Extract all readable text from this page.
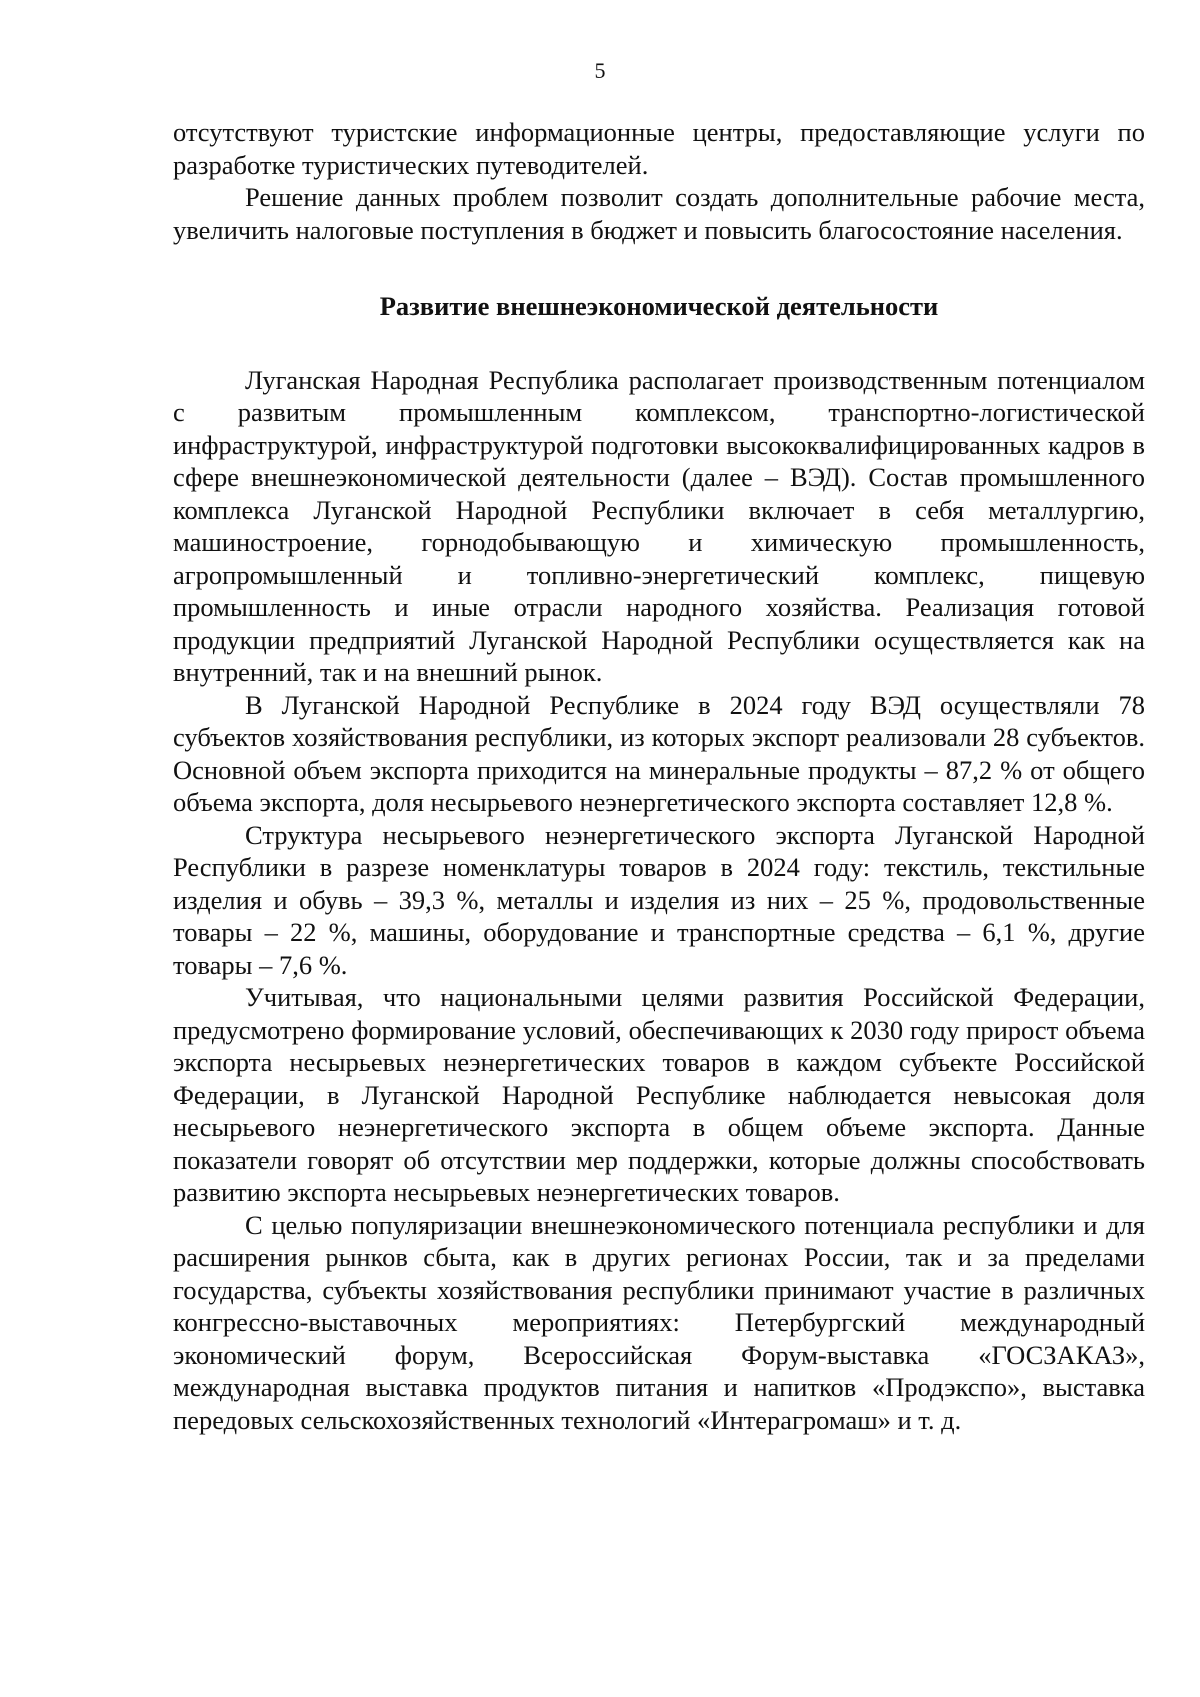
5

отсутствуют туристские информационные центры, предоставляющие услуги по разработке туристических путеводителей.

Решение данных проблем позволит создать дополнительные рабочие места, увеличить налоговые поступления в бюджет и повысить благосостояние населения.

Развитие внешнеэкономической деятельности

Луганская Народная Республика располагает производственным потенциалом с развитым промышленным комплексом, транспортно-логистической инфраструктурой, инфраструктурой подготовки высококвалифицированных кадров в сфере внешнеэкономической деятельности (далее – ВЭД). Состав промышленного комплекса Луганской Народной Республики включает в себя металлургию, машиностроение, горнодобывающую и химическую промышленность, агропромышленный и топливно-энергетический комплекс, пищевую промышленность и иные отрасли народного хозяйства. Реализация готовой продукции предприятий Луганской Народной Республики осуществляется как на внутренний, так и на внешний рынок.

В Луганской Народной Республике в 2024 году ВЭД осуществляли 78 субъектов хозяйствования республики, из которых экспорт реализовали 28 субъектов. Основной объем экспорта приходится на минеральные продукты – 87,2 % от общего объема экспорта, доля несырьевого неэнергетического экспорта составляет 12,8 %.

Структура несырьевого неэнергетического экспорта Луганской Народной Республики в разрезе номенклатуры товаров в 2024 году: текстиль, текстильные изделия и обувь – 39,3 %, металлы и изделия из них – 25 %, продовольственные товары – 22 %, машины, оборудование и транспортные средства – 6,1 %, другие товары – 7,6 %.

Учитывая, что национальными целями развития Российской Федерации, предусмотрено формирование условий, обеспечивающих к 2030 году прирост объема экспорта несырьевых неэнергетических товаров в каждом субъекте Российской Федерации, в Луганской Народной Республике наблюдается невысокая доля несырьевого неэнергетического экспорта в общем объеме экспорта. Данные показатели говорят об отсутствии мер поддержки, которые должны способствовать развитию экспорта несырьевых неэнергетических товаров.

С целью популяризации внешнеэкономического потенциала республики и для расширения рынков сбыта, как в других регионах России, так и за пределами государства, субъекты хозяйствования республики принимают участие в различных конгрессно-выставочных мероприятиях: Петербургский международный экономический форум, Всероссийская Форум-выставка «ГОСЗАКАЗ», международная выставка продуктов питания и напитков «Продэкспо», выставка передовых сельскохозяйственных технологий «Интерагромаш» и т. д.
